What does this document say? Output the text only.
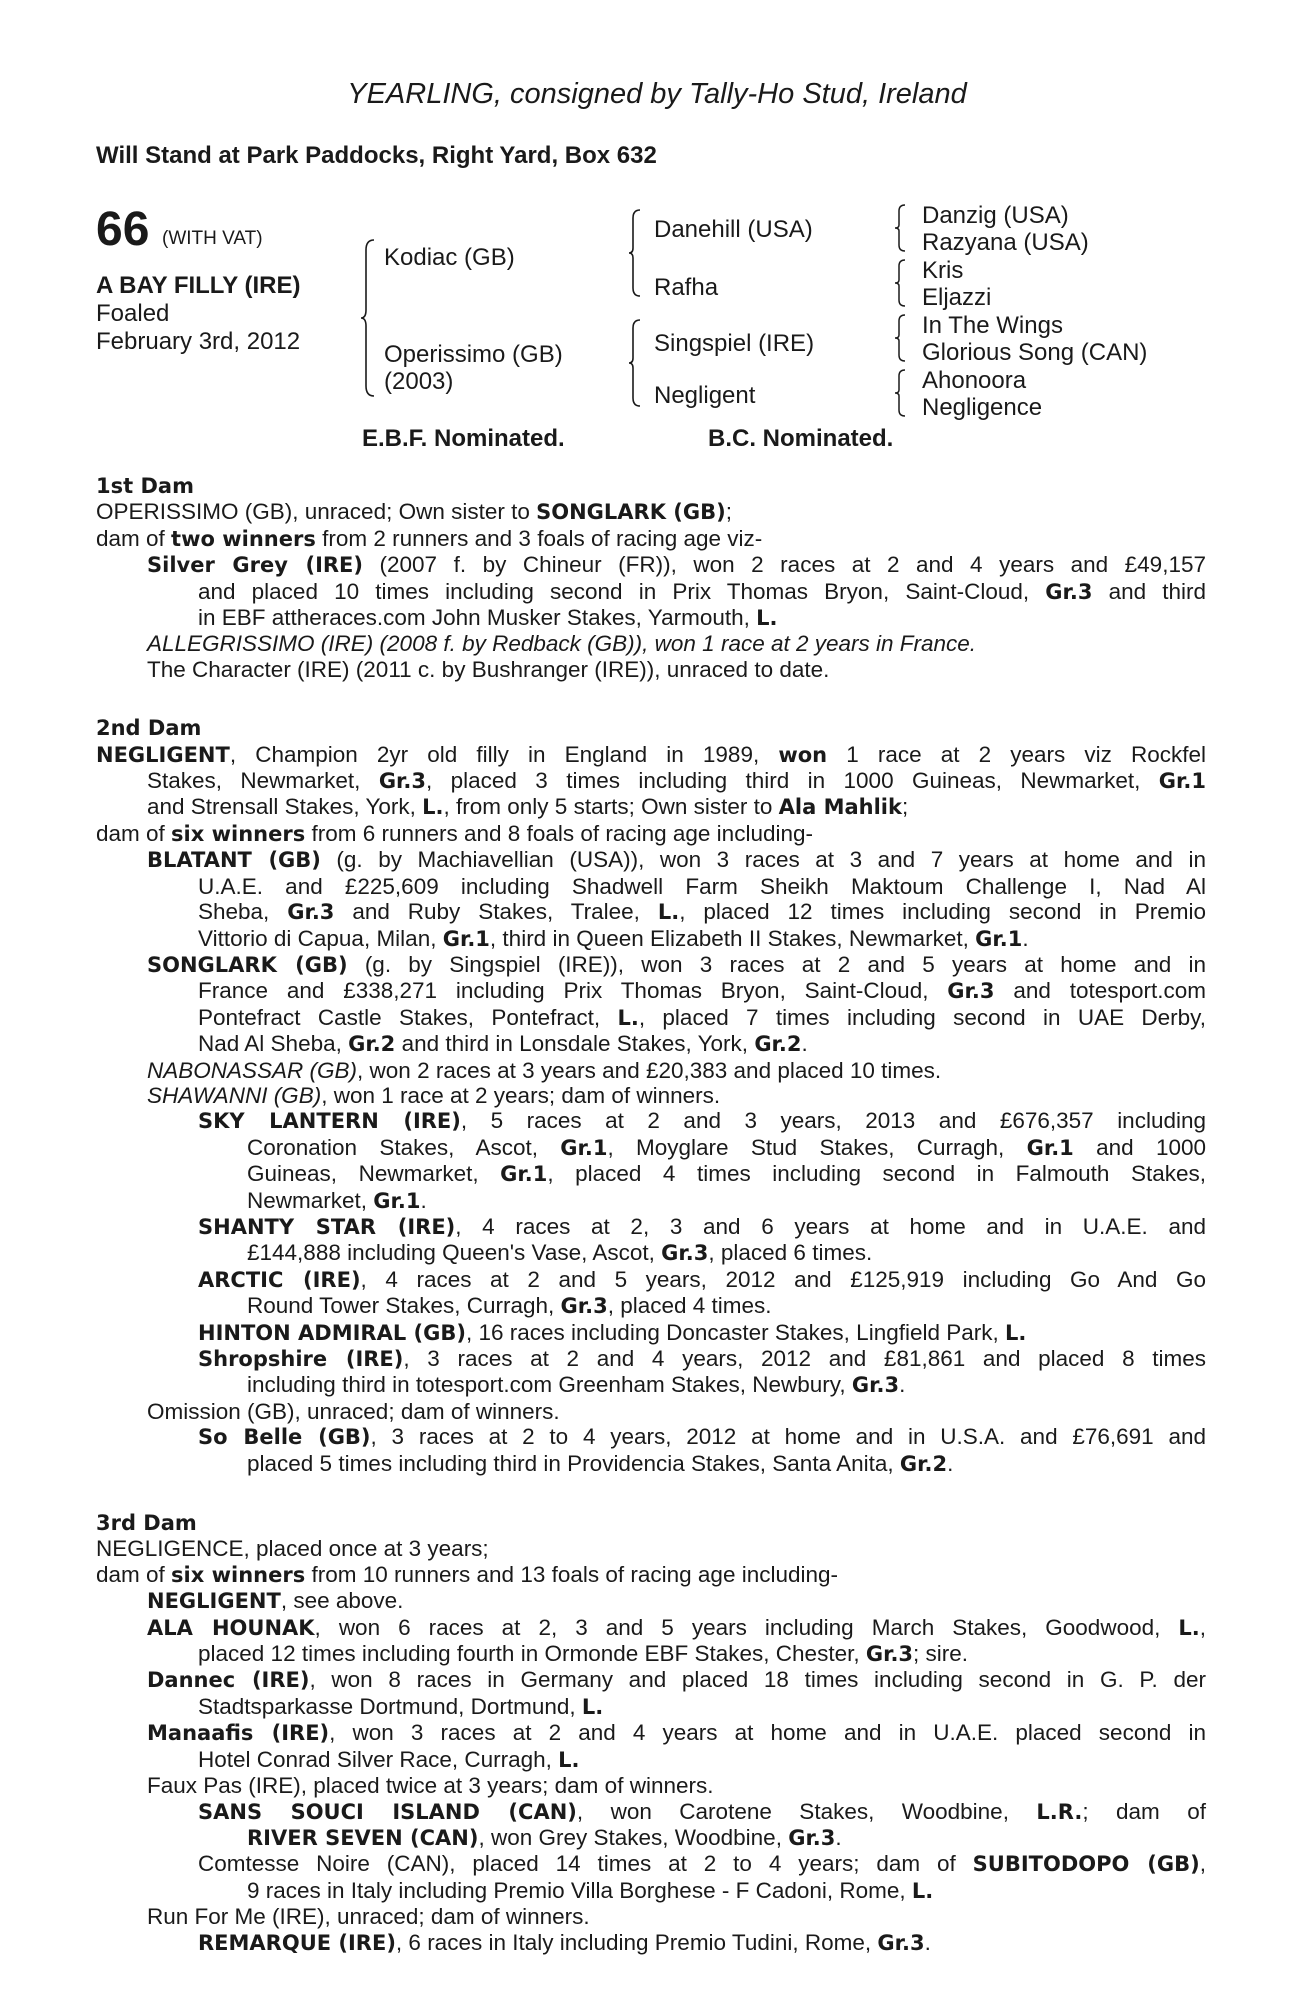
YEARLING, consigned by Tally-Ho Stud, Ireland
Will Stand at Park Paddocks, Right Yard, Box 632
66 (WITH VAT)
A BAY FILLY (IRE)
Foaled
February 3rd, 2012
Kodiac (GB)
Operissimo (GB)
(2003)
Danehill (USA)
Rafha
Singspiel (IRE)
Negligent
Danzig (USA)
Razyana (USA)
Kris
Eljazzi
In The Wings
Glorious Song (CAN)
Ahonoora
Negligence
E.B.F. Nominated.	B.C. Nominated.
1st Dam
OPERISSIMO (GB), unraced; Own sister to SONGLARK (GB);
dam of two winners from 2 runners and 3 foals of racing age viz-
Silver Grey (IRE) (2007 f. by Chineur (FR)), won 2 races at 2 and 4 years and £49,157
and placed 10 times including second in Prix Thomas Bryon, Saint-Cloud, Gr.3 and third
in EBF attheraces.com John Musker Stakes, Yarmouth, L.
ALLEGRISSIMO (IRE) (2008 f. by Redback (GB)), won 1 race at 2 years in France.
The Character (IRE) (2011 c. by Bushranger (IRE)), unraced to date.
2nd Dam
NEGLIGENT, Champion 2yr old filly in England in 1989, won 1 race at 2 years viz Rockfel
Stakes, Newmarket, Gr.3, placed 3 times including third in 1000 Guineas, Newmarket, Gr.1
and Strensall Stakes, York, L., from only 5 starts; Own sister to Ala Mahlik;
dam of six winners from 6 runners and 8 foals of racing age including-
BLATANT (GB) (g. by Machiavellian (USA)), won 3 races at 3 and 7 years at home and in
U.A.E. and £225,609 including Shadwell Farm Sheikh Maktoum Challenge I, Nad Al
Sheba, Gr.3 and Ruby Stakes, Tralee, L., placed 12 times including second in Premio
Vittorio di Capua, Milan, Gr.1, third in Queen Elizabeth II Stakes, Newmarket, Gr.1.
SONGLARK (GB) (g. by Singspiel (IRE)), won 3 races at 2 and 5 years at home and in
France and £338,271 including Prix Thomas Bryon, Saint-Cloud, Gr.3 and totesport.com
Pontefract Castle Stakes, Pontefract, L., placed 7 times including second in UAE Derby,
Nad Al Sheba, Gr.2 and third in Lonsdale Stakes, York, Gr.2.
NABONASSAR (GB), won 2 races at 3 years and £20,383 and placed 10 times.
SHAWANNI (GB), won 1 race at 2 years; dam of winners.
SKY LANTERN (IRE), 5 races at 2 and 3 years, 2013 and £676,357 including
Coronation Stakes, Ascot, Gr.1, Moyglare Stud Stakes, Curragh, Gr.1 and 1000
Guineas, Newmarket, Gr.1, placed 4 times including second in Falmouth Stakes,
Newmarket, Gr.1.
SHANTY STAR (IRE), 4 races at 2, 3 and 6 years at home and in U.A.E. and
£144,888 including Queen's Vase, Ascot, Gr.3, placed 6 times.
ARCTIC (IRE), 4 races at 2 and 5 years, 2012 and £125,919 including Go And Go
Round Tower Stakes, Curragh, Gr.3, placed 4 times.
HINTON ADMIRAL (GB), 16 races including Doncaster Stakes, Lingfield Park, L.
Shropshire (IRE), 3 races at 2 and 4 years, 2012 and £81,861 and placed 8 times
including third in totesport.com Greenham Stakes, Newbury, Gr.3.
Omission (GB), unraced; dam of winners.
So Belle (GB), 3 races at 2 to 4 years, 2012 at home and in U.S.A. and £76,691 and
placed 5 times including third in Providencia Stakes, Santa Anita, Gr.2.
3rd Dam
NEGLIGENCE, placed once at 3 years;
dam of six winners from 10 runners and 13 foals of racing age including-
NEGLIGENT, see above.
ALA HOUNAK, won 6 races at 2, 3 and 5 years including March Stakes, Goodwood, L.,
placed 12 times including fourth in Ormonde EBF Stakes, Chester, Gr.3; sire.
Dannec (IRE), won 8 races in Germany and placed 18 times including second in G. P. der
Stadtsparkasse Dortmund, Dortmund, L.
Manaafis (IRE), won 3 races at 2 and 4 years at home and in U.A.E. placed second in
Hotel Conrad Silver Race, Curragh, L.
Faux Pas (IRE), placed twice at 3 years; dam of winners.
SANS SOUCI ISLAND (CAN), won Carotene Stakes, Woodbine, L.R.; dam of
RIVER SEVEN (CAN), won Grey Stakes, Woodbine, Gr.3.
Comtesse Noire (CAN), placed 14 times at 2 to 4 years; dam of SUBITODOPO (GB),
9 races in Italy including Premio Villa Borghese - F Cadoni, Rome, L.
Run For Me (IRE), unraced; dam of winners.
REMARQUE (IRE), 6 races in Italy including Premio Tudini, Rome, Gr.3.
